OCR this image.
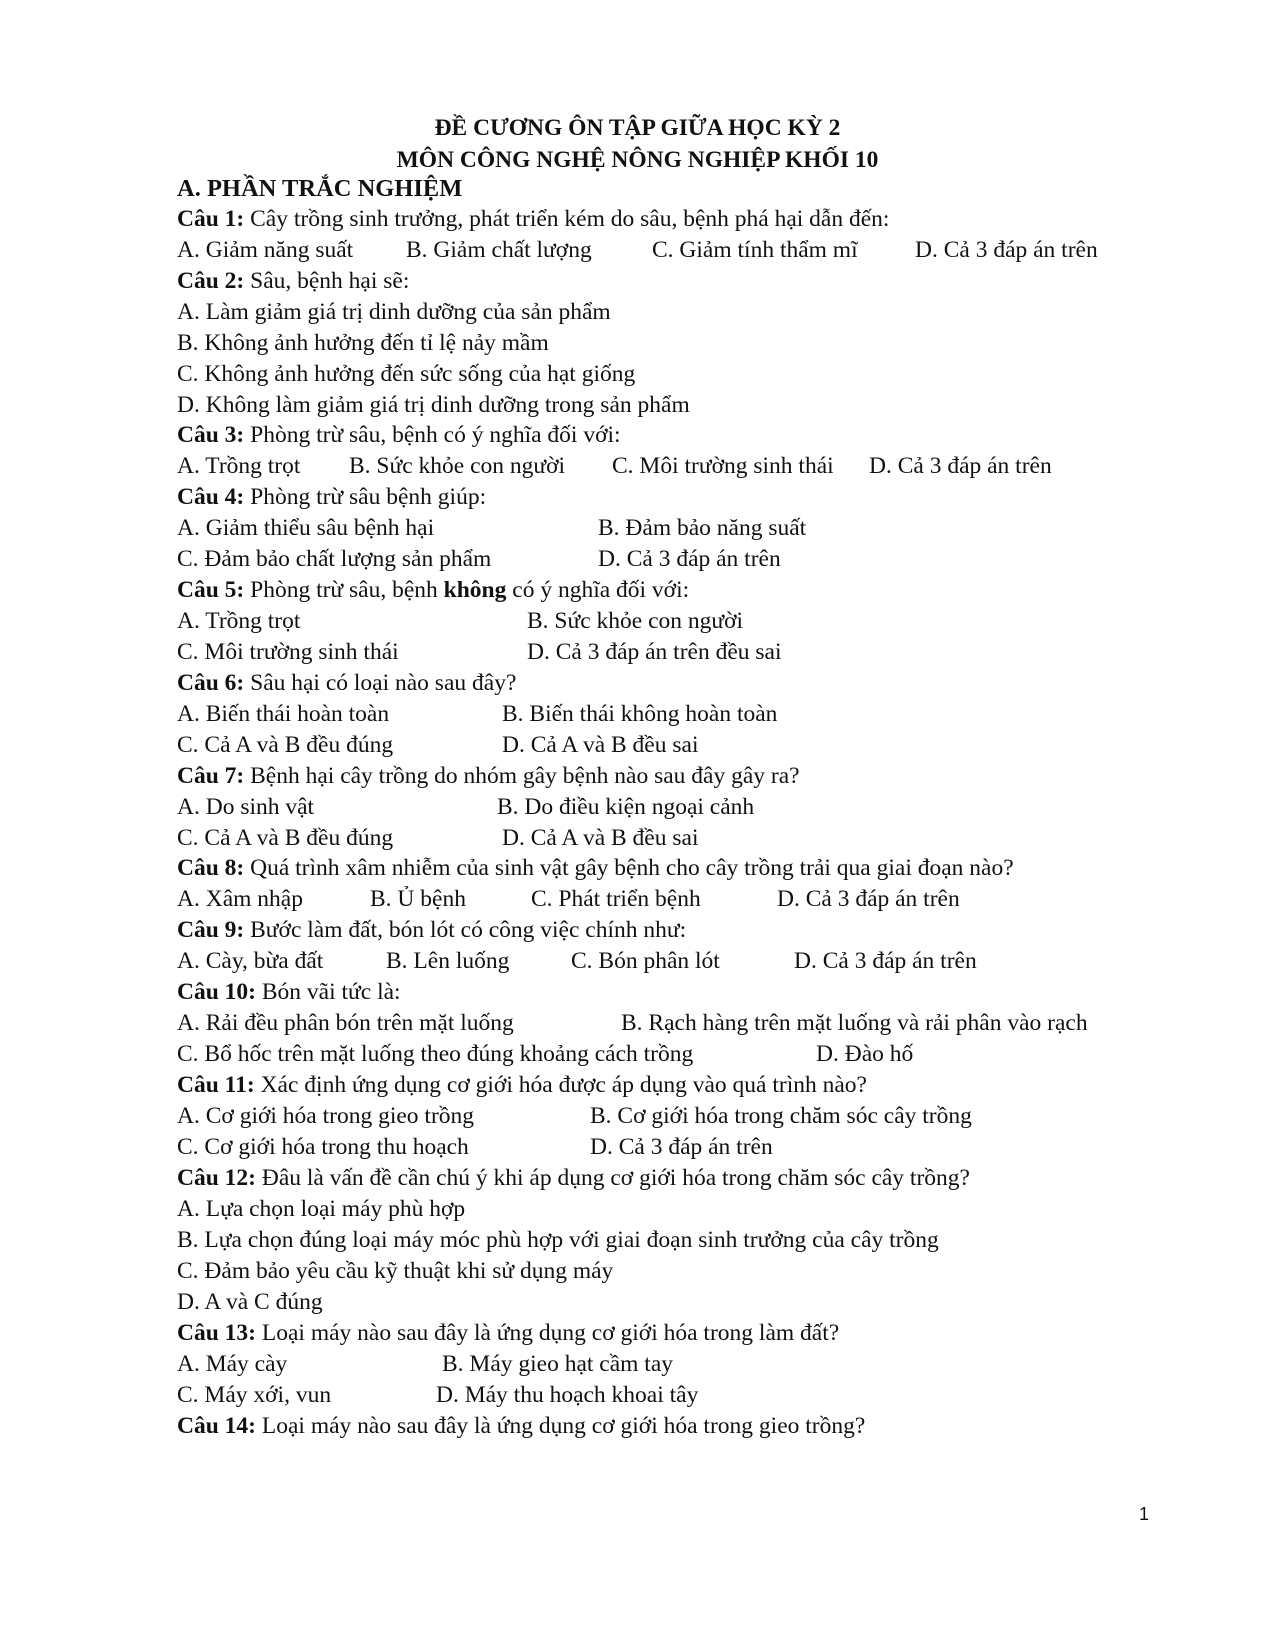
ĐỀ CƯƠNG ÔN TẬP GIỮA HỌC KỲ 2
MÔN CÔNG NGHỆ NÔNG NGHIỆP KHỐI 10
A. PHẦN TRẮC NGHIỆM
Câu 1: Cây trồng sinh trưởng, phát triển kém do sâu, bệnh phá hại dẫn đến:
A. Giảm năng suất B. Giảm chất lượng	C. Giảm tính thẩm mĩ D. Cả 3 đáp án trên
Câu 2: Sâu, bệnh hại sẽ:
A. Làm giảm giá trị dinh dưỡng của sản phẩm
B. Không ảnh hưởng đến tỉ lệ nảy mầm
C. Không ảnh hưởng đến sức sống của hạt giống
D. Không làm giảm giá trị dinh dưỡng trong sản phẩm
Câu 3: Phòng trừ sâu, bệnh có ý nghĩa đối với:
A. Trồng trọt B. Sức khỏe con người C. Môi trường sinh thái D. Cả 3 đáp án trên
Câu 4: Phòng trừ sâu bệnh giúp:
A. Giảm thiểu sâu bệnh hại	B. Đảm bảo năng suất
C. Đảm bảo chất lượng sản phẩm	D. Cả 3 đáp án trên
Câu 5: Phòng trừ sâu, bệnh không có ý nghĩa đối với:
A. Trồng trọt	B. Sức khỏe con người
C. Môi trường sinh thái	D. Cả 3 đáp án trên đều sai
Câu 6: Sâu hại có loại nào sau đây?
A. Biến thái hoàn toàn	B. Biến thái không hoàn toàn
C. Cả A và B đều đúng	D. Cả A và B đều sai
Câu 7: Bệnh hại cây trồng do nhóm gây bệnh nào sau đây gây ra?
A. Do sinh vật	B. Do điều kiện ngoại cảnh
C. Cả A và B đều đúng	D. Cả A và B đều sai
Câu 8: Quá trình xâm nhiễm của sinh vật gây bệnh cho cây trồng trải qua giai đoạn nào?
A. Xâm nhập	B. Ủ bệnh	C. Phát triển bệnh	D. Cả 3 đáp án trên
Câu 9: Bước làm đất, bón lót có công việc chính như:
A. Cày, bừa đất	B. Lên luống	C. Bón phân lót	D. Cả 3 đáp án trên
Câu 10: Bón vãi tức là:
A. Rải đều phân bón trên mặt luống	B. Rạch hàng trên mặt luống và rải phân vào rạch
C. Bổ hốc trên mặt luống theo đúng khoảng cách trồng	D. Đào hố
Câu 11: Xác định ứng dụng cơ giới hóa được áp dụng vào quá trình nào?
A. Cơ giới hóa trong gieo trồng	B. Cơ giới hóa trong chăm sóc cây trồng
C. Cơ giới hóa trong thu hoạch	D. Cả 3 đáp án trên
Câu 12: Đâu là vấn đề cần chú ý khi áp dụng cơ giới hóa trong chăm sóc cây trồng?
A. Lựa chọn loại máy phù hợp
B. Lựa chọn đúng loại máy móc phù hợp với giai đoạn sinh trưởng của cây trồng
C. Đảm bảo yêu cầu kỹ thuật khi sử dụng máy
D. A và C đúng
Câu 13: Loại máy nào sau đây là ứng dụng cơ giới hóa trong làm đất?
A. Máy cày	B. Máy gieo hạt cầm tay
C. Máy xới, vun	D. Máy thu hoạch khoai tây
Câu 14: Loại máy nào sau đây là ứng dụng cơ giới hóa trong gieo trồng?
1
